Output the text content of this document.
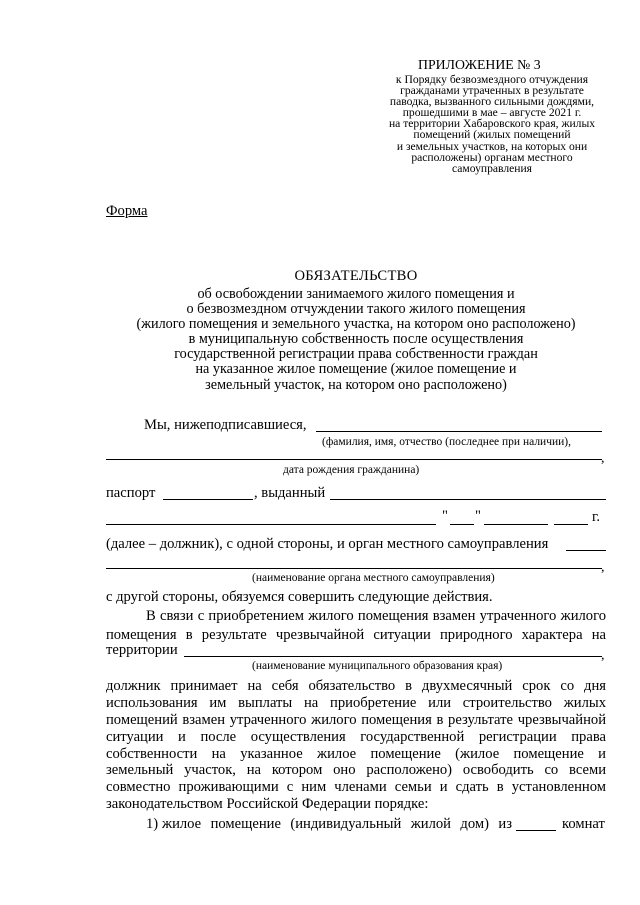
ПРИЛОЖЕНИЕ № 3
к Порядку безвозмездного отчуждения
гражданами утраченных в результате
паводка, вызванного сильными дождями,
прошедшими в мае – августе 2021 г.
на территории Хабаровского края, жилых
помещений (жилых помещений
и земельных участков, на которых они
расположены) органам местного
самоуправления
Форма
ОБЯЗАТЕЛЬСТВО
об освобождении занимаемого жилого помещения и
о безвозмездном отчуждении такого жилого помещения
(жилого помещения и земельного участка, на котором оно расположено)
в муниципальную собственность после осуществления
государственной регистрации права собственности граждан
на указанное жилое помещение (жилое помещение и
земельный участок, на котором оно расположено)
Мы, нижеподписавшиеся,
(фамилия, имя, отчество (последнее при наличии),
,
дата рождения гражданина)
паспорт	, выданный
" "	г.
(далее – должник), с одной стороны, и орган местного самоуправления
,
(наименование органа местного самоуправления)
с другой стороны, обязуемся совершить следующие действия.
В связи с приобретением жилого помещения взамен утраченного жилого
помещения в результате чрезвычайной ситуации природного характера на
территории	,
(наименование муниципального образования края)
должник принимает на себя обязательство в двухмесячный срок со дня
использования им выплаты на приобретение или строительство жилых
помещений взамен утраченного жилого помещения в результате чрезвычайной
ситуации и после осуществления государственной регистрации права
собственности на указанное жилое помещение (жилое помещение и
земельный участок, на котором оно расположено) освободить со всеми
совместно проживающими с ним членами семьи и сдать в установленном
законодательством Российской Федерации порядке:
1) жилое помещение (индивидуальный жилой дом) из	комнат
